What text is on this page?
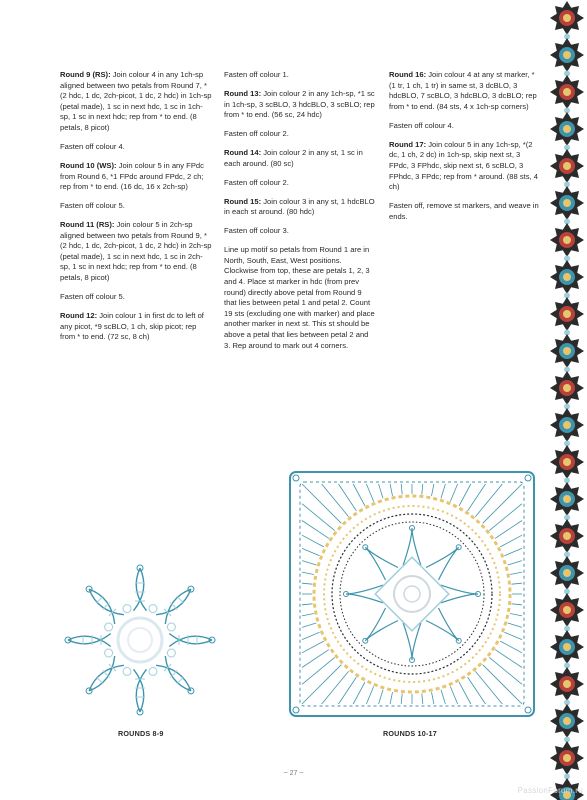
Round 9 (RS): Join colour 4 in any 1ch-sp aligned between two petals from Round 7, *(2 hdc, 1 dc, 2ch-picot, 1 dc, 2 hdc) in 1ch-sp (petal made), 1 sc in next hdc, 1 sc in 1ch-sp, 1 sc in next hdc; rep from * to end. (8 petals, 8 picot)

Fasten off colour 4.

Round 10 (WS): Join colour 5 in any FPdc from Round 6, *1 FPdc around FPdc, 2 ch; rep from * to end. (16 dc, 16 x 2ch-sp)

Fasten off colour 5.

Round 11 (RS): Join colour 5 in 2ch-sp aligned between two petals from Round 9, *(2 hdc, 1 dc, 2ch-picot, 1 dc, 2 hdc) in 2ch-sp (petal made), 1 sc in next hdc, 1 sc in 2ch-sp, 1 sc in next hdc; rep from * to end. (8 petals, 8 picot)

Fasten off colour 5.

Round 12: Join colour 1 in first dc to left of any picot, *9 scBLO, 1 ch, skip picot; rep from * to end. (72 sc, 8 ch)

Fasten off colour 1.

Round 13: Join colour 2 in any 1ch-sp, *1 sc in 1ch-sp, 3 scBLO, 3 hdcBLO, 3 scBLO; rep from * to end. (56 sc, 24 hdc)

Fasten off colour 2.

Round 14: Join colour 2 in any st, 1 sc in each around. (80 sc)

Fasten off colour 2.

Round 15: Join colour 3 in any st, 1 hdcBLO in each st around. (80 hdc)

Fasten off colour 3.

Line up motif so petals from Round 1 are in North, South, East, West positions. Clockwise from top, these are petals 1, 2, 3 and 4. Place st marker in hdc (from prev round) directly above petal from Round 9 that lies between petal 1 and petal 2. Count 19 sts (excluding one with marker) and place another marker in next st. This st should be above a petal that lies between petal 2 and 3. Rep around to mark out 4 corners.

Round 16: Join colour 4 at any st marker, *(1 tr, 1 ch, 1 tr) in same st, 3 dcBLO, 3 hdcBLO, 7 scBLO, 3 hdcBLO, 3 dcBLO; rep from * to end. (84 sts, 4 x 1ch-sp corners)

Fasten off colour 4.

Round 17: Join colour 5 in any 1ch-sp, *(2 dc, 1 ch, 2 dc) in 1ch-sp, skip next st, 3 FPdc, 3 FPhdc, skip next st, 6 scBLO, 3 FPhdc, 3 FPdc; rep from * around. (88 sts, 4 ch)

Fasten off, remove st markers, and weave in ends.

ROUNDS 8-9	ROUNDS 10-17
~ 27 ~
PassionForum.ru
